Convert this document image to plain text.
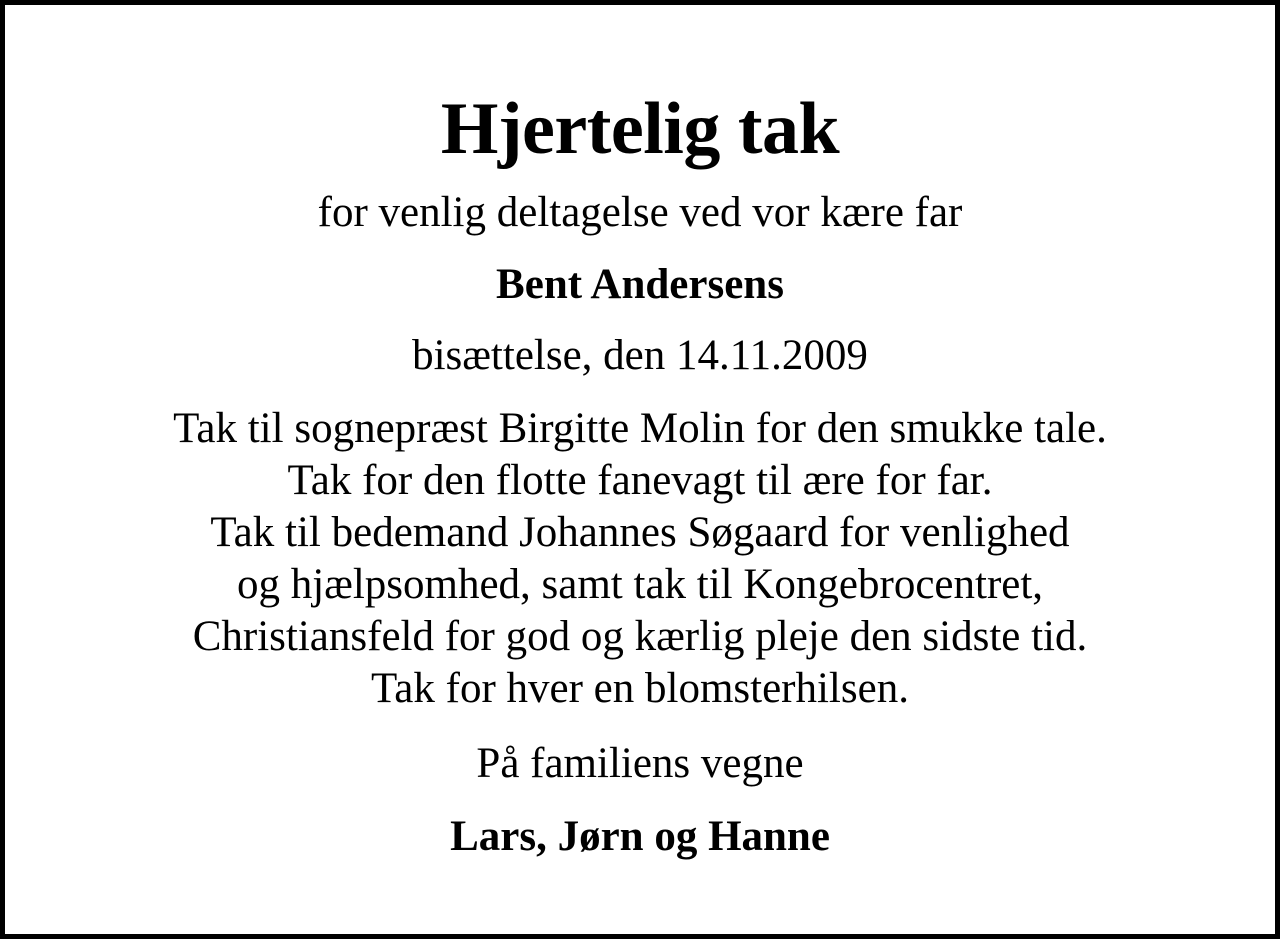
Hjertelig tak

for venlig deltagelse ved vor kære far

Bent Andersens

bisættelse, den 14.11.2009

Tak til sognepræst Birgitte Molin for den smukke tale.
Tak for den flotte fanevagt til ære for far.
Tak til bedemand Johannes Søgaard for venlighed
og hjælpsomhed, samt tak til Kongebrocentret,
Christiansfeld for god og kærlig pleje den sidste tid.
Tak for hver en blomsterhilsen.

På familiens vegne

Lars, Jørn og Hanne
